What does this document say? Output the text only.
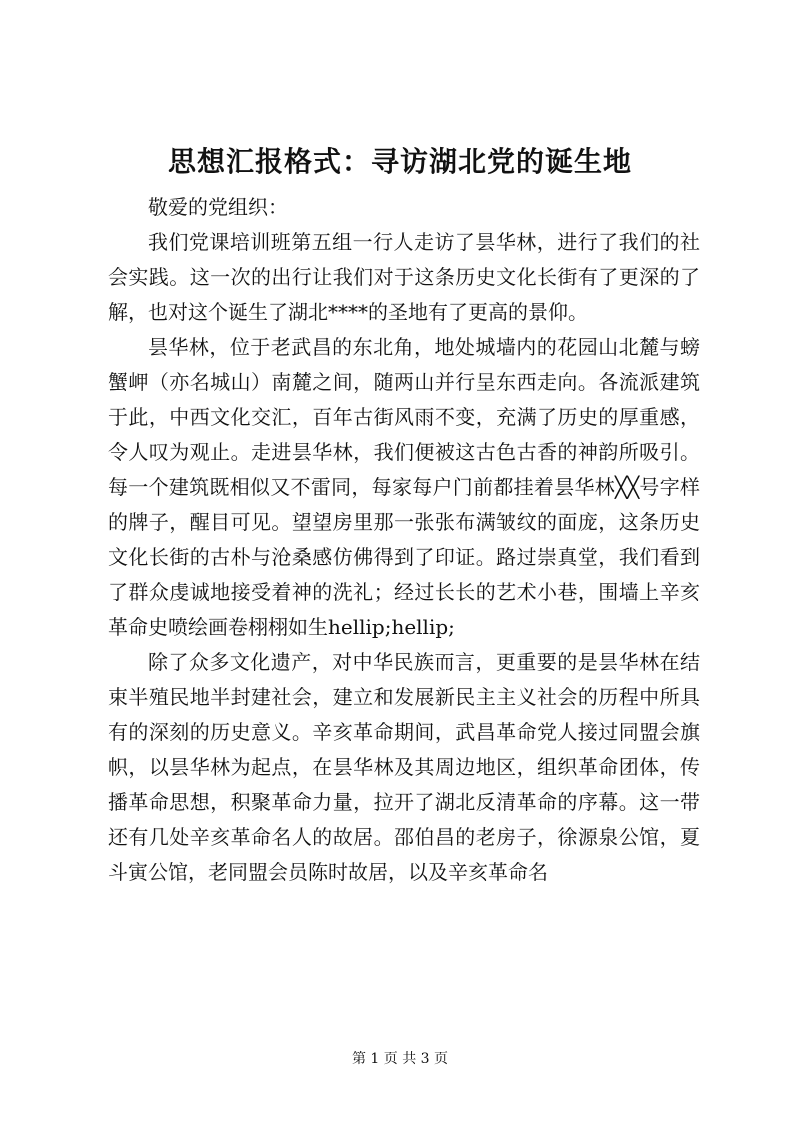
思想汇报格式：寻访湖北党的诞生地

敬爱的党组织：

我们党课培训班第五组一行人走访了昙华林，进行了我们的社会实践。这一次的出行让我们对于这条历史文化长街有了更深的了解，也对这个诞生了湖北****的圣地有了更高的景仰。

昙华林，位于老武昌的东北角，地处城墙内的花园山北麓与螃蟹岬（亦名城山）南麓之间，随两山并行呈东西走向。各流派建筑于此，中西文化交汇，百年古街风雨不变，充满了历史的厚重感，令人叹为观止。走进昙华林，我们便被这古色古香的神韵所吸引。每一个建筑既相似又不雷同，每家每户门前都挂着昙华林╳╳号字样的牌子，醒目可见。望望房里那一张张布满皱纹的面庞，这条历史文化长街的古朴与沧桑感仿佛得到了印证。路过崇真堂，我们看到了群众虔诚地接受着神的洗礼；经过长长的艺术小巷，围墙上辛亥革命史喷绘画卷栩栩如生hellip;hellip;

除了众多文化遗产，对中华民族而言，更重要的是昙华林在结束半殖民地半封建社会，建立和发展新民主主义社会的历程中所具有的深刻的历史意义。辛亥革命期间，武昌革命党人接过同盟会旗帜，以昙华林为起点，在昙华林及其周边地区，组织革命团体，传播革命思想，积聚革命力量，拉开了湖北反清革命的序幕。这一带还有几处辛亥革命名人的故居。邵伯昌的老房子，徐源泉公馆，夏斗寅公馆，老同盟会员陈时故居，以及辛亥革命名

第 1 页 共 3 页
